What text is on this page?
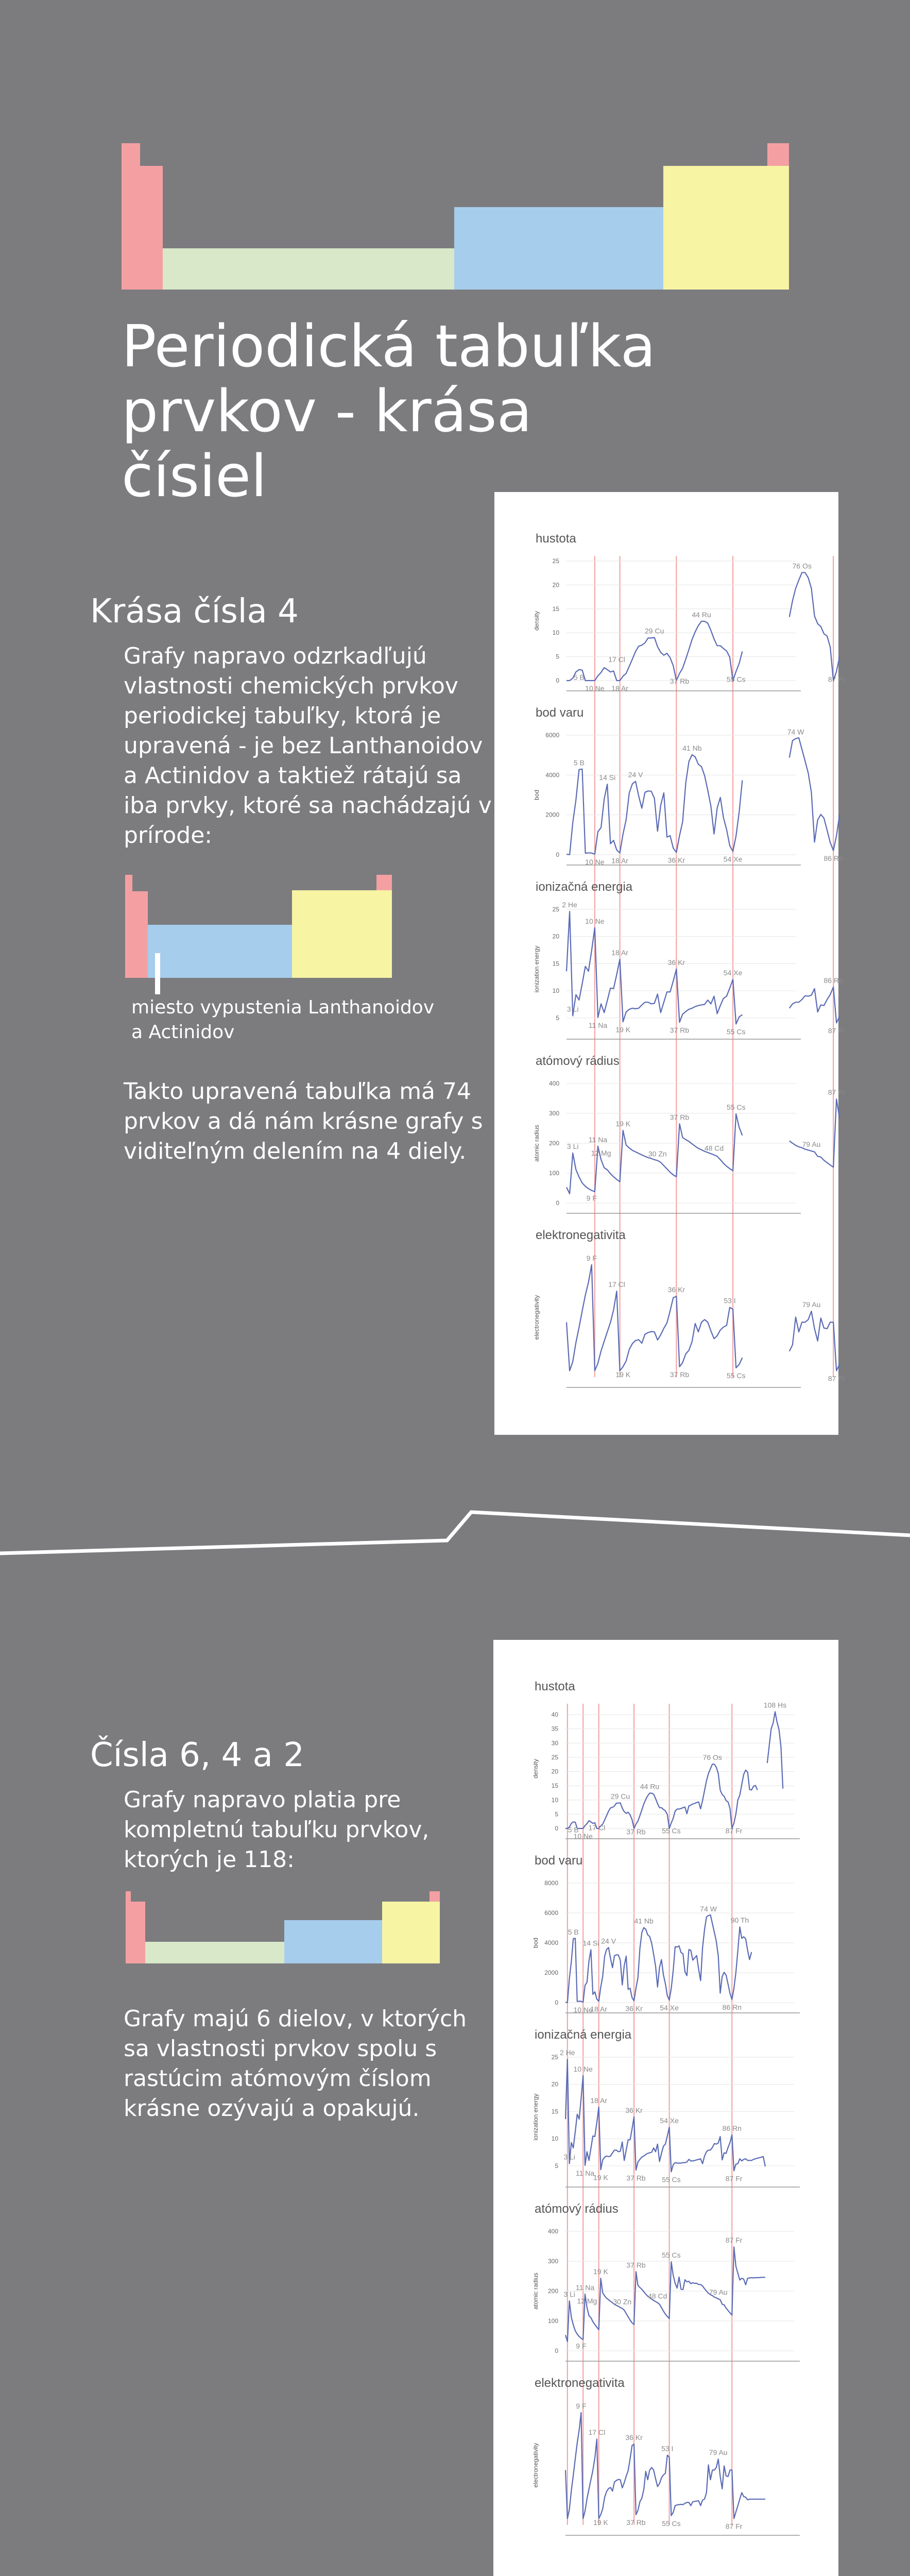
Periodická tabuľka
prvkov - krása čísiel
Krása čísla 4
Grafy napravo odzrkadľujú vlastnosti chemických prvkov periodickej tabuľky, ktorá je upravená - je bez Lanthanoidov a Actinidov a taktiež rátajú sa iba prvky, ktoré sa nachádzajú v prírode:
miesto vypustenia Lanthanoidov
a Actinidov
Takto upravená tabuľka má 74 prvkov a dá nám krásne grafy s viditeľným delením na 4 diely.
hustota
density
0
5
10
15
20
25
5 B
10 Ne
17 Cl
18 Ar
29 Cu
37 Rb
44 Ru
55 Cs
76 Os
87 Fr
bod varu
bod
0
2000
4000
6000
5 B
10 Ne
14 Si
18 Ar
24 V
36 Kr
41 Nb
54 Xe
74 W
86 Rn
ionizačná energia
ionization energy
5
10
15
20
25
2 He
3 Li
10 Ne
11 Na
18 Ar
19 K
36 Kr
37 Rb
54 Xe
55 Cs
86 Rn
87 Fr
atómový rádius
atomic radius
0
100
200
300
400
3 Li
9 F
11 Na
12 Mg
19 K
30 Zn
37 Rb
48 Cd
55 Cs
79 Au
87 Fr
elektronegativita
electronegativity
9 F
17 Cl
19 K
36 Kr
37 Rb
53 I
55 Cs
79 Au
87 Fr
Čísla 6, 4 a 2
Grafy napravo platia pre kompletnú tabuľku prvkov, ktorých je 118:
Grafy majú 6 dielov, v ktorých sa vlastnosti prvkov spolu s rastúcim atómovým číslom krásne ozývajú a opakujú.
hustota
density
0
5
10
15
20
25
30
35
40
5 B
10 Ne
17 Cl
29 Cu
37 Rb
44 Ru
55 Cs
76 Os
87 Fr
108 Hs
bod varu
bod
0
2000
4000
6000
8000
5 B
10 Ne
14 Si
18 Ar
24 V
36 Kr
41 Nb
54 Xe
74 W
86 Rn
90 Th
ionizačná energia
ionization energy
5
10
15
20
25
2 He
3 Li
10 Ne
11 Na
18 Ar
19 K
36 Kr
37 Rb
54 Xe
55 Cs
86 Rn
87 Fr
atómový rádius
atomic radius
0
100
200
300
400
3 Li
9 F
11 Na
12 Mg
19 K
30 Zn
37 Rb
48 Cd
55 Cs
79 Au
87 Fr
elektronegativita
electronegativity
9 F
17 Cl
19 K
36 Kr
37 Rb
53 I
55 Cs
79 Au
87 Fr
